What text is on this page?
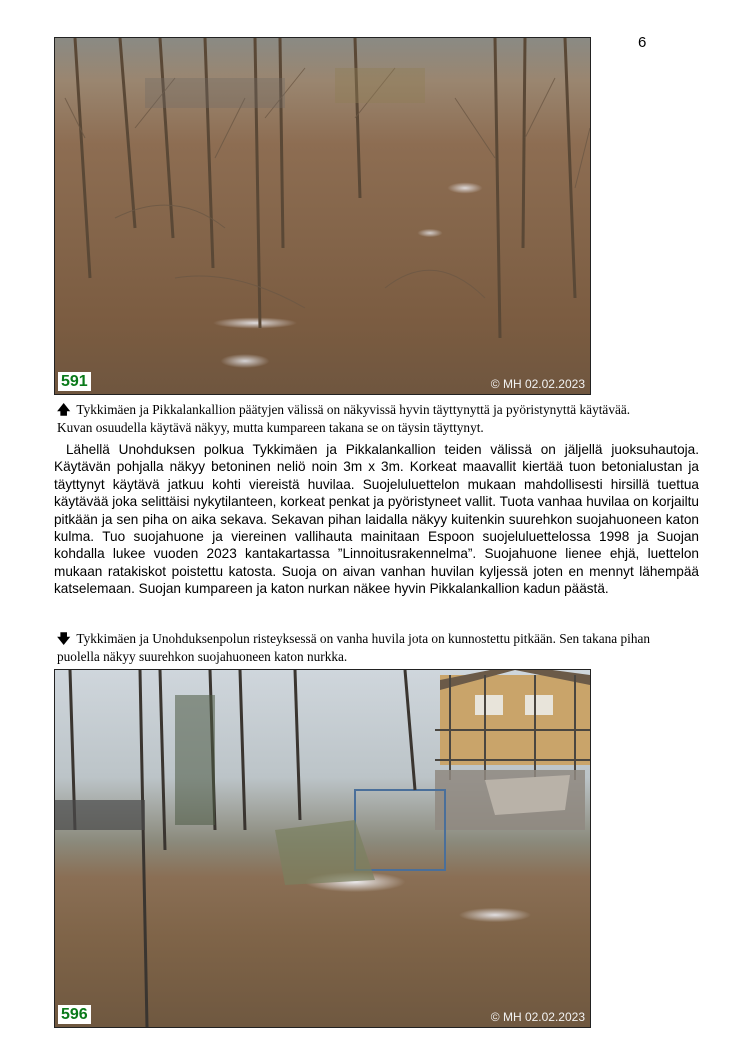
6
591	© MH 02.02.2023
🡅 Tykkimäen ja Pikkalankallion päätyjen välissä on näkyvissä hyvin täyttynyttä ja pyöristynyttä käytävää. Kuvan osuudella käytävä näkyy, mutta kumpareen takana se on täysin täyttynyt.
Lähellä Unohduksen polkua Tykkimäen ja Pikkalankallion teiden välissä on jäljellä juoksuhautoja. Käytävän pohjalla näkyy betoninen neliö noin 3m x 3m. Korkeat maavallit kiertää tuon betonialustan ja täyttynyt käytävä jatkuu kohti viereistä huvilaa. Suojeluluettelon mukaan mahdollisesti hirsillä tuettua käytävää joka selittäisi nykytilanteen, korkeat penkat ja pyöristyneet vallit. Tuota vanhaa huvilaa on korjailtu pitkään ja sen piha on aika sekava. Sekavan pihan laidalla näkyy kuitenkin suurehkon suojahuoneen katon kulma. Tuo suojahuone ja viereinen vallihauta mainitaan Espoon suojeluluettelossa 1998 ja Suojan kohdalla lukee vuoden 2023 kantakartassa ”Linnoitusrakennelma”. Suojahuone lienee ehjä, luettelon mukaan ratakiskot poistettu katosta. Suoja on aivan vanhan huvilan kyljessä joten en mennyt lähempää katselemaan. Suojan kumpareen ja katon nurkan näkee hyvin Pikkalankallion kadun päästä.
🡇 Tykkimäen ja Unohduksenpolun risteyksessä on vanha huvila jota on kunnostettu pitkään. Sen takana pihan puolella näkyy suurehkon suojahuoneen katon nurkka.
596	© MH 02.02.2023
